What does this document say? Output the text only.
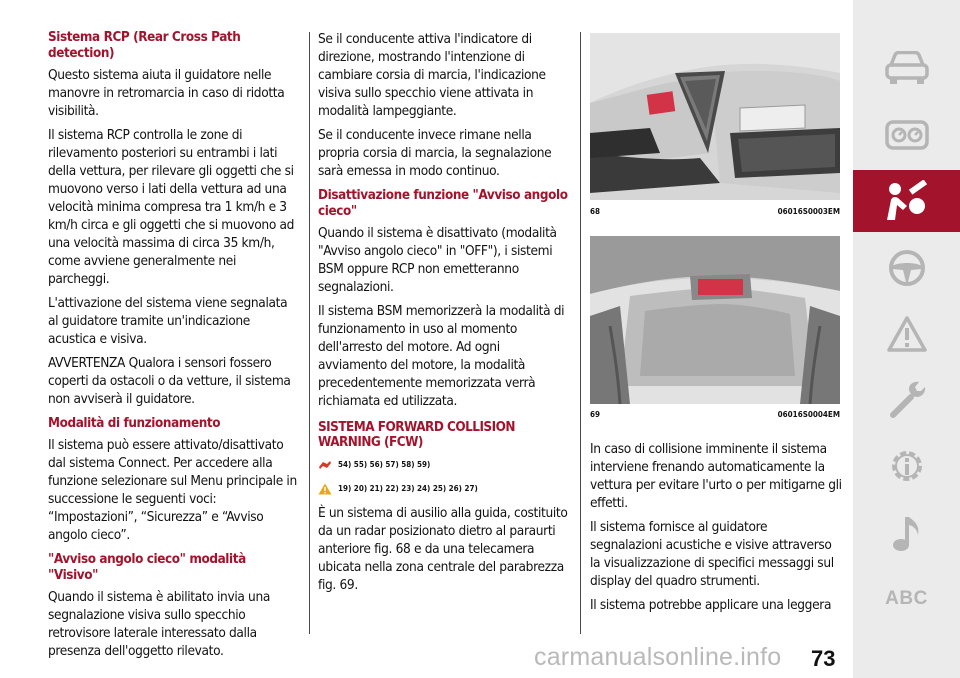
Sistema RCP (Rear Cross Path detection)

Questo sistema aiuta il guidatore nelle manovre in retromarcia in caso di ridotta visibilità.

Il sistema RCP controlla le zone di rilevamento posteriori su entrambi i lati della vettura, per rilevare gli oggetti che si muovono verso i lati della vettura ad una velocità minima compresa tra 1 km/h e 3 km/h circa e gli oggetti che si muovono ad una velocità massima di circa 35 km/h, come avviene generalmente nei parcheggi.

L'attivazione del sistema viene segnalata al guidatore tramite un'indicazione acustica e visiva.

AVVERTENZA Qualora i sensori fossero coperti da ostacoli o da vetture, il sistema non avviserà il guidatore.

Modalità di funzionamento

Il sistema può essere attivato/disattivato dal sistema Connect. Per accedere alla funzione selezionare sul Menu principale in successione le seguenti voci: “Impostazioni”, “Sicurezza” e “Avviso angolo cieco”.

"Avviso angolo cieco" modalità "Visivo"

Quando il sistema è abilitato invia una segnalazione visiva sullo specchio retrovisore laterale interessato dalla presenza dell'oggetto rilevato.

Se il conducente attiva l'indicatore di direzione, mostrando l'intenzione di cambiare corsia di marcia, l'indicazione visiva sullo specchio viene attivata in modalità lampeggiante.

Se il conducente invece rimane nella propria corsia di marcia, la segnalazione sarà emessa in modo continuo.

Disattivazione funzione "Avviso angolo cieco"

Quando il sistema è disattivato (modalità "Avviso angolo cieco" in "OFF"), i sistemi BSM oppure RCP non emetteranno segnalazioni.

Il sistema BSM memorizzerà la modalità di funzionamento in uso al momento dell'arresto del motore. Ad ogni avviamento del motore, la modalità precedentemente memorizzata verrà richiamata ed utilizzata.

SISTEMA FORWARD COLLISION WARNING (FCW)
54) 55) 56) 57) 58) 59)
19) 20) 21) 22) 23) 24) 25) 26) 27)

È un sistema di ausilio alla guida, costituito da un radar posizionato dietro al paraurti anteriore fig. 68 e da una telecamera ubicata nella zona centrale del parabrezza fig. 69.

68	06016S0003EM
69	06016S0004EM

In caso di collisione imminente il sistema interviene frenando automaticamente la vettura per evitare l'urto o per mitigarne gli effetti.

Il sistema fornisce al guidatore segnalazioni acustiche e visive attraverso la visualizzazione di specifici messaggi sul display del quadro strumenti.

Il sistema potrebbe applicare una leggera	ABC
carmanualsonline.info 73
